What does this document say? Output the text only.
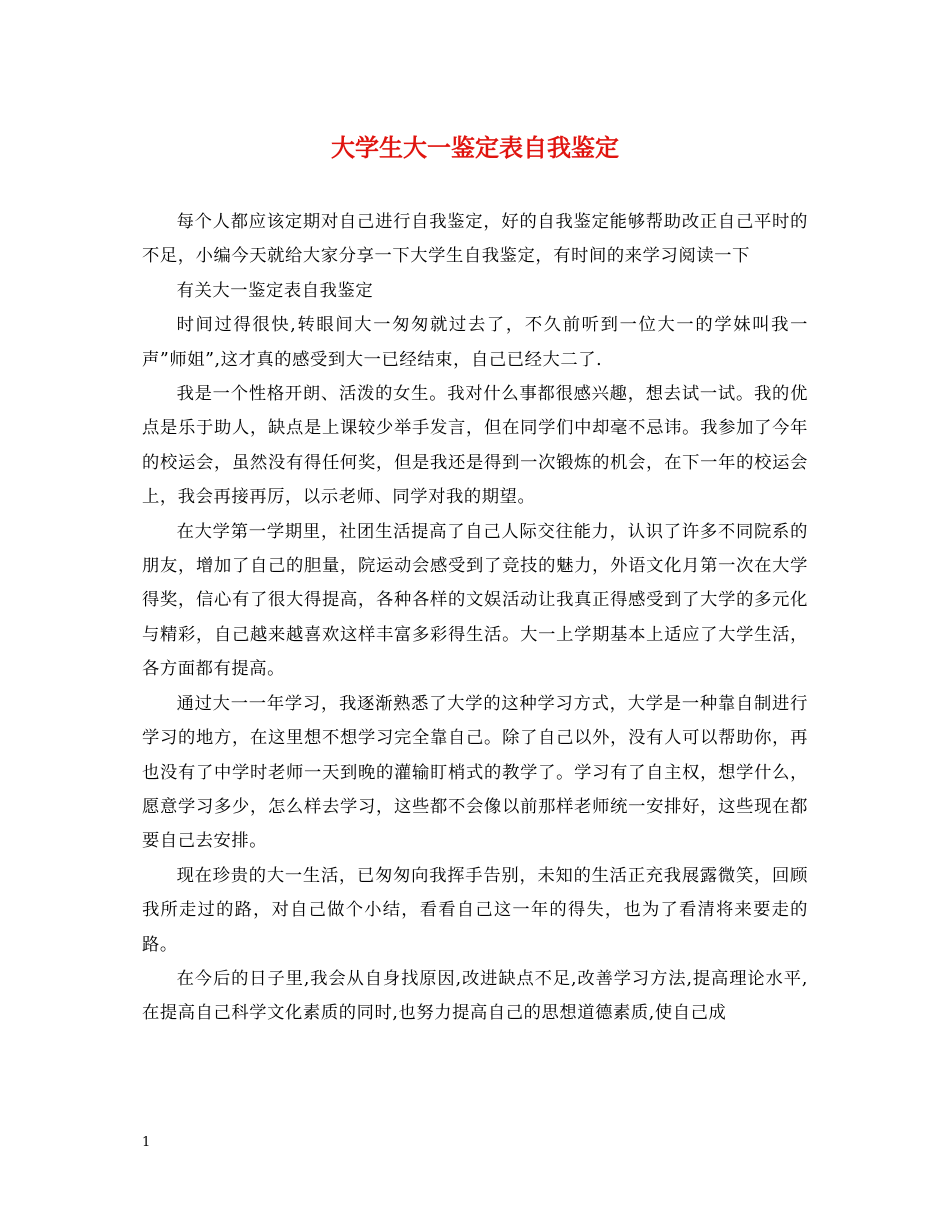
大学生大一鉴定表自我鉴定

每个人都应该定期对自己进行自我鉴定，好的自我鉴定能够帮助改正自己平时的不足，小编今天就给大家分享一下大学生自我鉴定，有时间的来学习阅读一下

有关大一鉴定表自我鉴定

时间过得很快,转眼间大一匆匆就过去了，不久前听到一位大一的学妹叫我一声”师姐”,这才真的感受到大一已经结束，自己已经大二了.

我是一个性格开朗、活泼的女生。我对什么事都很感兴趣，想去试一试。我的优点是乐于助人，缺点是上课较少举手发言，但在同学们中却毫不忌讳。我参加了今年的校运会，虽然没有得任何奖，但是我还是得到一次锻炼的机会，在下一年的校运会上，我会再接再厉，以示老师、同学对我的期望。

在大学第一学期里，社团生活提高了自己人际交往能力，认识了许多不同院系的朋友，增加了自己的胆量，院运动会感受到了竞技的魅力，外语文化月第一次在大学得奖，信心有了很大得提高，各种各样的文娱活动让我真正得感受到了大学的多元化与精彩，自己越来越喜欢这样丰富多彩得生活。大一上学期基本上适应了大学生活，各方面都有提高。

通过大一一年学习，我逐渐熟悉了大学的这种学习方式，大学是一种靠自制进行学习的地方，在这里想不想学习完全靠自己。除了自己以外，没有人可以帮助你，再也没有了中学时老师一天到晚的灌输盯梢式的教学了。学习有了自主权，想学什么，愿意学习多少，怎么样去学习，这些都不会像以前那样老师统一安排好，这些现在都要自己去安排。

现在珍贵的大一生活，已匆匆向我挥手告别，未知的生活正充我展露微笑，回顾我所走过的路，对自己做个小结，看看自己这一年的得失，也为了看清将来要走的路。

在今后的日子里,我会从自身找原因,改进缺点不足,改善学习方法,提高理论水平,在提高自己科学文化素质的同时,也努力提高自己的思想道德素质,使自己成

1
